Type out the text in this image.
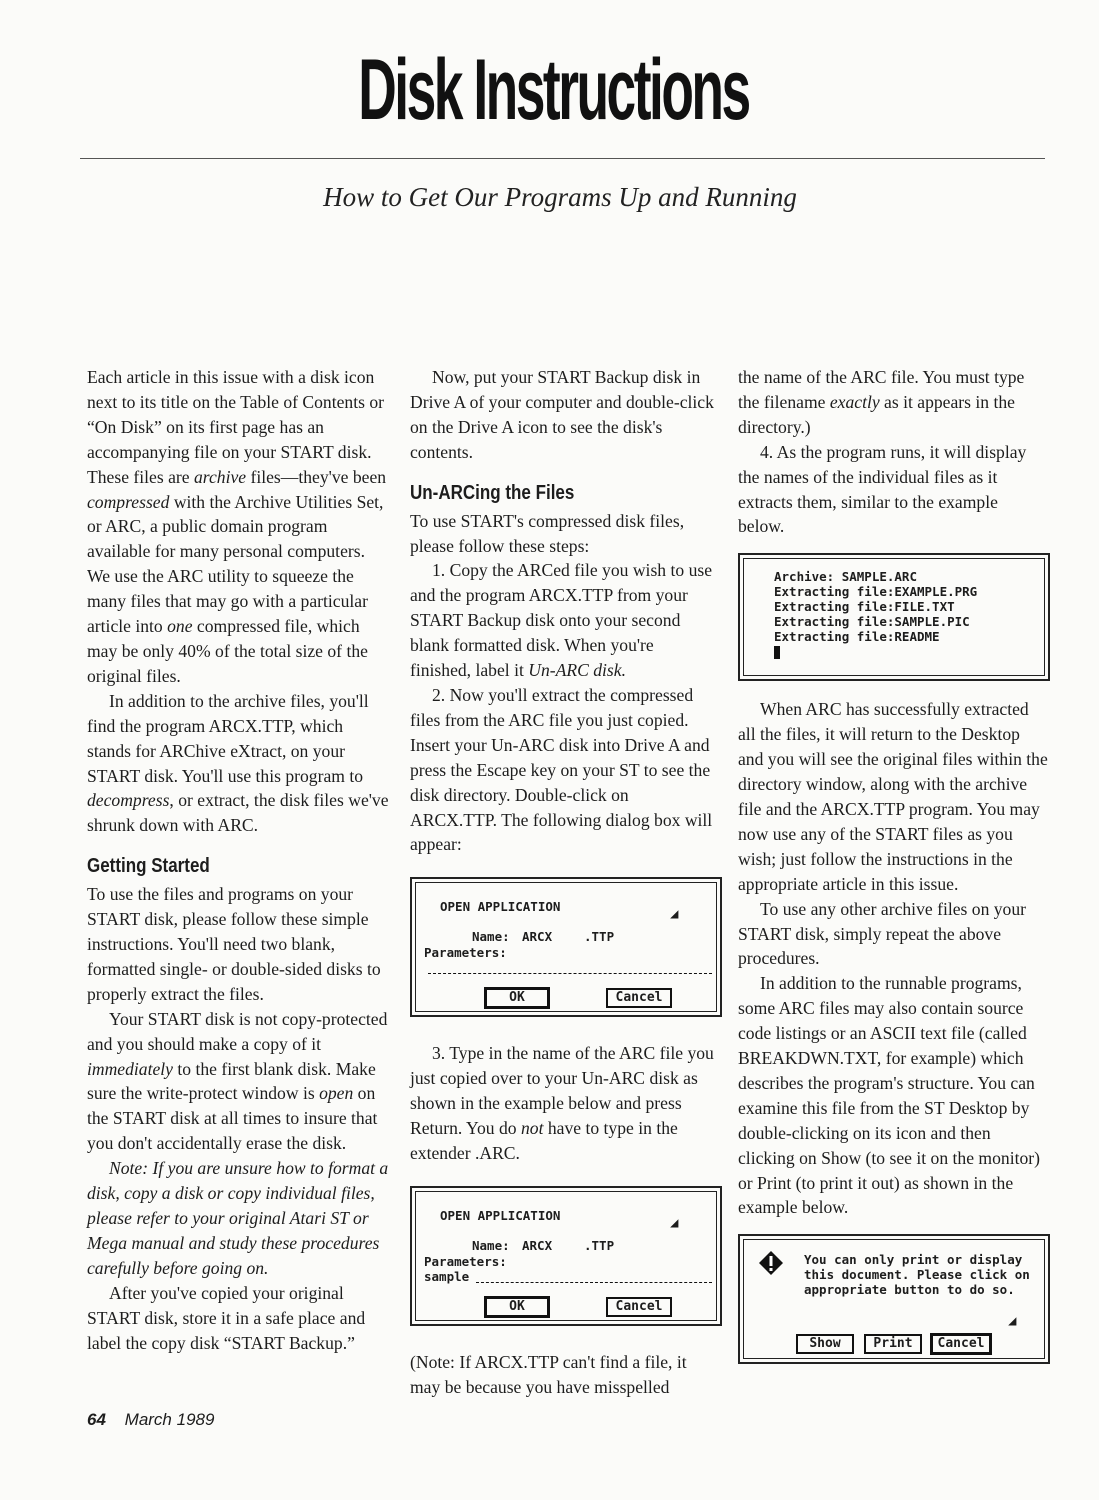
Disk Instructions
How to Get Our Programs Up and Running

Each article in this issue with a disk icon next to its title on the Table of Contents or “On Disk” on its first page has an accompanying file on your START disk. These files are archive files—they've been compressed with the Archive Utilities Set, or ARC, a public domain program available for many personal computers. We use the ARC utility to squeeze the many files that may go with a particular article into one compressed file, which may be only 40% of the total size of the original files.

In addition to the archive files, you'll find the program ARCX.TTP, which stands for ARChive eXtract, on your START disk. You'll use this program to decompress, or extract, the disk files we've shrunk down with ARC.

Getting Started

To use the files and programs on your START disk, please follow these simple instructions. You'll need two blank, formatted single- or double-sided disks to properly extract the files.

Your START disk is not copy-protected and you should make a copy of it immediately to the first blank disk. Make sure the write-protect window is open on the START disk at all times to insure that you don't accidentally erase the disk.

Note: If you are unsure how to format a disk, copy a disk or copy individual files, please refer to your original Atari ST or Mega manual and study these procedures carefully before going on.

After you've copied your original START disk, store it in a safe place and label the copy disk “START Backup.”

Now, put your START Backup disk in Drive A of your computer and double-click on the Drive A icon to see the disk's contents.

Un-ARCing the Files

To use START's compressed disk files, please follow these steps:

1. Copy the ARCed file you wish to use and the program ARCX.TTP from your START Backup disk onto your second blank formatted disk. When you're finished, label it Un-ARC disk.

2. Now you'll extract the compressed files from the ARC file you just copied. Insert your Un-ARC disk into Drive A and press the Escape key on your ST to see the disk directory. Double-click on ARCX.TTP. The following dialog box will appear:

OPEN APPLICATION	◢
Name: ARCX	.TTP
Parameters:
OK	Cancel

3. Type in the name of the ARC file you just copied over to your Un-ARC disk as shown in the example below and press Return. You do not have to type in the extender .ARC.

OPEN APPLICATION	◢
Name: ARCX	.TTP
Parameters:
sample
OK	Cancel

(Note: If ARCX.TTP can't find a file, it may be because you have misspelled

the name of the ARC file. You must type the filename exactly as it appears in the directory.)

4. As the program runs, it will display the names of the individual files as it extracts them, similar to the example below.

Archive: SAMPLE.ARC
Extracting file:EXAMPLE.PRG
Extracting file:FILE.TXT
Extracting file:SAMPLE.PIC
Extracting file:README

When ARC has successfully extracted all the files, it will return to the Desktop and you will see the original files within the directory window, along with the archive file and the ARCX.TTP program. You may now use any of the START files as you wish; just follow the instructions in the appropriate article in this issue.

To use any other archive files on your START disk, simply repeat the above procedures.

In addition to the runnable programs, some ARC files may also contain source code listings or an ASCII text file (called BREAKDWN.TXT, for example) which describes the program's structure. You can examine this file from the ST Desktop by double-clicking on its icon and then clicking on Show (to see it on the monitor) or Print (to print it out) as shown in the example below.

You can only print or display this document. Please click on appropriate button to do so.
◢
Show	Print	Cancel
64 March 1989
